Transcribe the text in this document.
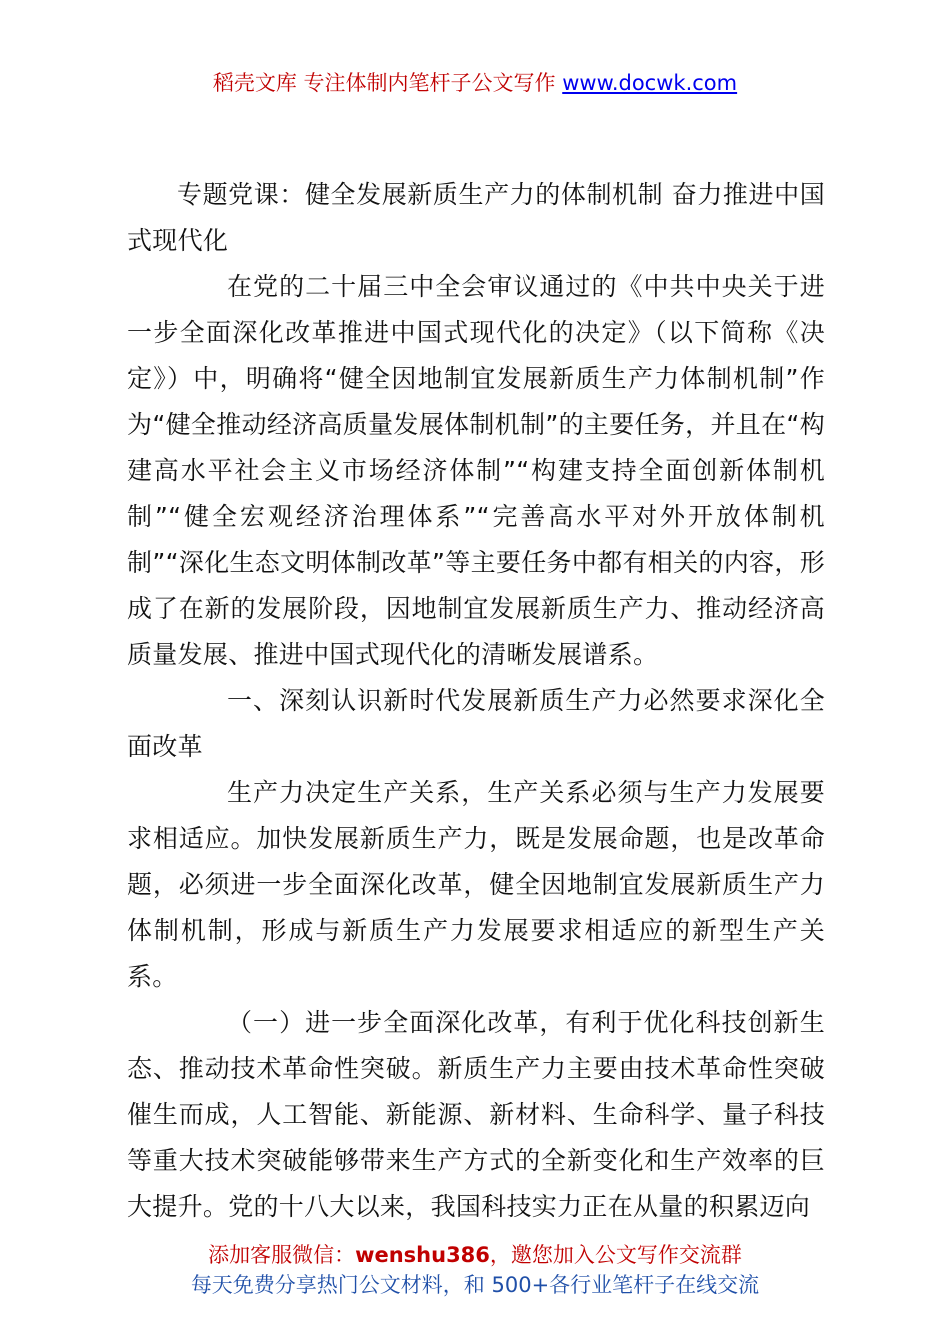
稻壳文库 专注体制内笔杆子公文写作 www.docwk.com

专题党课：健全发展新质生产力的体制机制 奋力推进中国式现代化

在党的二十届三中全会审议通过的《中共中央关于进一步全面深化改革推进中国式现代化的决定》（以下简称《决定》）中，明确将“健全因地制宜发展新质生产力体制机制”作为“健全推动经济高质量发展体制机制”的主要任务，并且在“构建高水平社会主义市场经济体制”“构建支持全面创新体制机制”“健全宏观经济治理体系”“完善高水平对外开放体制机制”“深化生态文明体制改革”等主要任务中都有相关的内容，形成了在新的发展阶段，因地制宜发展新质生产力、推动经济高质量发展、推进中国式现代化的清晰发展谱系。

一、深刻认识新时代发展新质生产力必然要求深化全面改革

生产力决定生产关系，生产关系必须与生产力发展要求相适应。加快发展新质生产力，既是发展命题，也是改革命题，必须进一步全面深化改革，健全因地制宜发展新质生产力体制机制，形成与新质生产力发展要求相适应的新型生产关系。

（一）进一步全面深化改革，有利于优化科技创新生态、推动技术革命性突破。新质生产力主要由技术革命性突破催生而成，人工智能、新能源、新材料、生命科学、量子科技等重大技术突破能够带来生产方式的全新变化和生产效率的巨大提升。党的十八大以来，我国科技实力正在从量的积累迈向

添加客服微信：wenshu386，邀您加入公文写作交流群
每天免费分享热门公文材料，和 500+各行业笔杆子在线交流
